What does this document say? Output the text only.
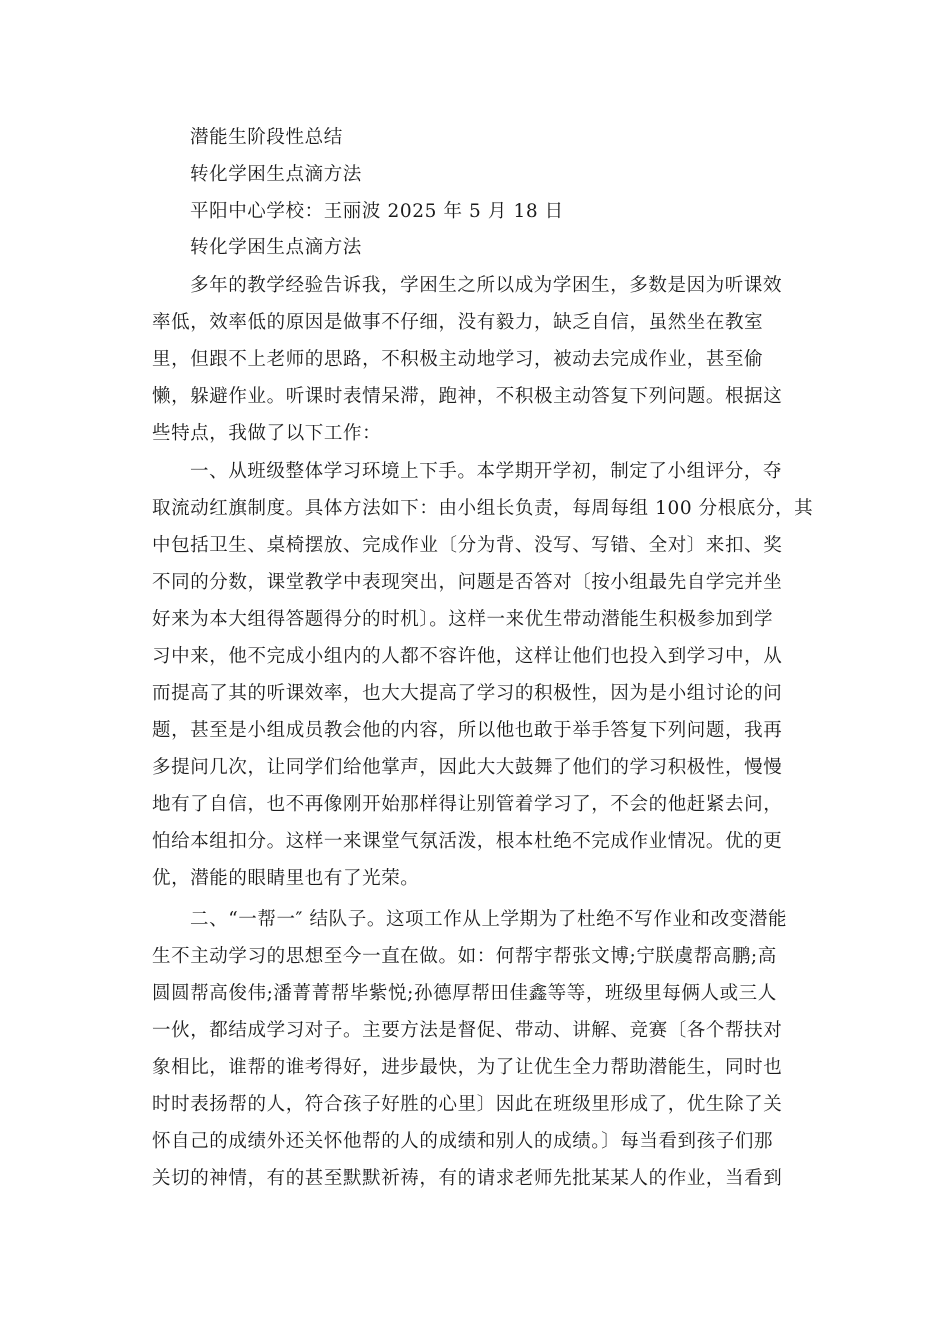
潜能生阶段性总结
转化学困生点滴方法
平阳中心学校：王丽波 2025 年 5 月 18 日
转化学困生点滴方法
多年的教学经验告诉我，学困生之所以成为学困生，多数是因为听课效
率低，效率低的原因是做事不仔细，没有毅力，缺乏自信，虽然坐在教室
里，但跟不上老师的思路，不积极主动地学习，被动去完成作业，甚至偷
懒，躲避作业。听课时表情呆滞，跑神，不积极主动答复下列问题。根据这
些特点，我做了以下工作：
一、从班级整体学习环境上下手。本学期开学初，制定了小组评分，夺
取流动红旗制度。具体方法如下：由小组长负责，每周每组 100 分根底分，其
中包括卫生、桌椅摆放、完成作业〔分为背、没写、写错、全对〕来扣、奖
不同的分数，课堂教学中表现突出，问题是否答对〔按小组最先自学完并坐
好来为本大组得答题得分的时机〕。这样一来优生带动潜能生积极参加到学
习中来，他不完成小组内的人都不容许他，这样让他们也投入到学习中，从
而提高了其的听课效率，也大大提高了学习的积极性，因为是小组讨论的问
题，甚至是小组成员教会他的内容，所以他也敢于举手答复下列问题，我再
多提问几次，让同学们给他掌声，因此大大鼓舞了他们的学习积极性，慢慢
地有了自信，也不再像刚开始那样得让别管着学习了，不会的他赶紧去问，
怕给本组扣分。这样一来课堂气氛活泼，根本杜绝不完成作业情况。优的更
优，潜能的眼睛里也有了光荣。
二、“一帮一″ 结队子。这项工作从上学期为了杜绝不写作业和改变潜能
生不主动学习的思想至今一直在做。如：何帮宇帮张文博;宁朕虞帮高鹏;高
圆圆帮高俊伟;潘菁菁帮毕紫悦;孙德厚帮田佳鑫等等，班级里每俩人或三人
一伙，都结成学习对子。主要方法是督促、带动、讲解、竞赛〔各个帮扶对
象相比，谁帮的谁考得好，进步最快，为了让优生全力帮助潜能生，同时也
时时表扬帮的人，符合孩子好胜的心里〕因此在班级里形成了，优生除了关
怀自己的成绩外还关怀他帮的人的成绩和别人的成绩。〕每当看到孩子们那
关切的神情，有的甚至默默祈祷，有的请求老师先批某某人的作业，当看到
